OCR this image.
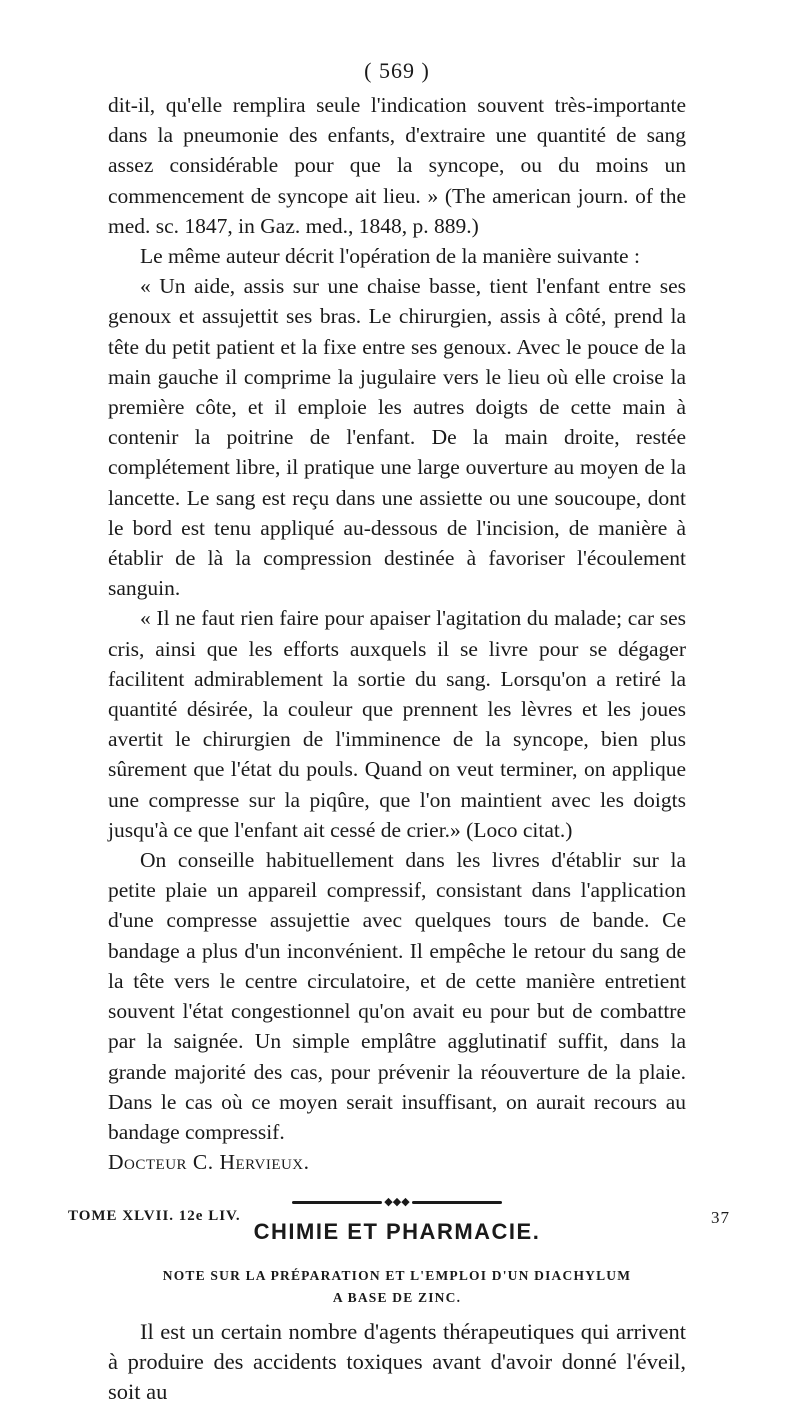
( 569 )

dit-il, qu'elle remplira seule l'indication souvent très-importante dans la pneumonie des enfants, d'extraire une quantité de sang assez considérable pour que la syncope, ou du moins un commencement de syncope ait lieu. » (The american journ. of the med. sc. 1847, in Gaz. med., 1848, p. 889.)

Le même auteur décrit l'opération de la manière suivante :

« Un aide, assis sur une chaise basse, tient l'enfant entre ses genoux et assujettit ses bras. Le chirurgien, assis à côté, prend la tête du petit patient et la fixe entre ses genoux. Avec le pouce de la main gauche il comprime la jugulaire vers le lieu où elle croise la première côte, et il emploie les autres doigts de cette main à contenir la poitrine de l'enfant. De la main droite, restée complétement libre, il pratique une large ouverture au moyen de la lancette. Le sang est reçu dans une assiette ou une soucoupe, dont le bord est tenu appliqué au-dessous de l'incision, de manière à établir de là la compression destinée à favoriser l'écoulement sanguin.

« Il ne faut rien faire pour apaiser l'agitation du malade; car ses cris, ainsi que les efforts auxquels il se livre pour se dégager facilitent admirablement la sortie du sang. Lorsqu'on a retiré la quantité désirée, la couleur que prennent les lèvres et les joues avertit le chirurgien de l'imminence de la syncope, bien plus sûrement que l'état du pouls. Quand on veut terminer, on applique une compresse sur la piqûre, que l'on maintient avec les doigts jusqu'à ce que l'enfant ait cessé de crier.» (Loco citat.)

On conseille habituellement dans les livres d'établir sur la petite plaie un appareil compressif, consistant dans l'application d'une compresse assujettie avec quelques tours de bande. Ce bandage a plus d'un inconvénient. Il empêche le retour du sang de la tête vers le centre circulatoire, et de cette manière entretient souvent l'état congestionnel qu'on avait eu pour but de combattre par la saignée. Un simple emplâtre agglutinatif suffit, dans la grande majorité des cas, pour prévenir la réouverture de la plaie. Dans le cas où ce moyen serait insuffisant, on aurait recours au bandage compressif.

Docteur C. Hervieux.

◆◆◆
CHIMIE ET PHARMACIE.
NOTE SUR LA PRÉPARATION ET L'EMPLOI D'UN DIACHYLUM
A BASE DE ZINC.

Il est un certain nombre d'agents thérapeutiques qui arrivent à produire des accidents toxiques avant d'avoir donné l'éveil, soit au

TOME XLVII. 12e LIV.	37
